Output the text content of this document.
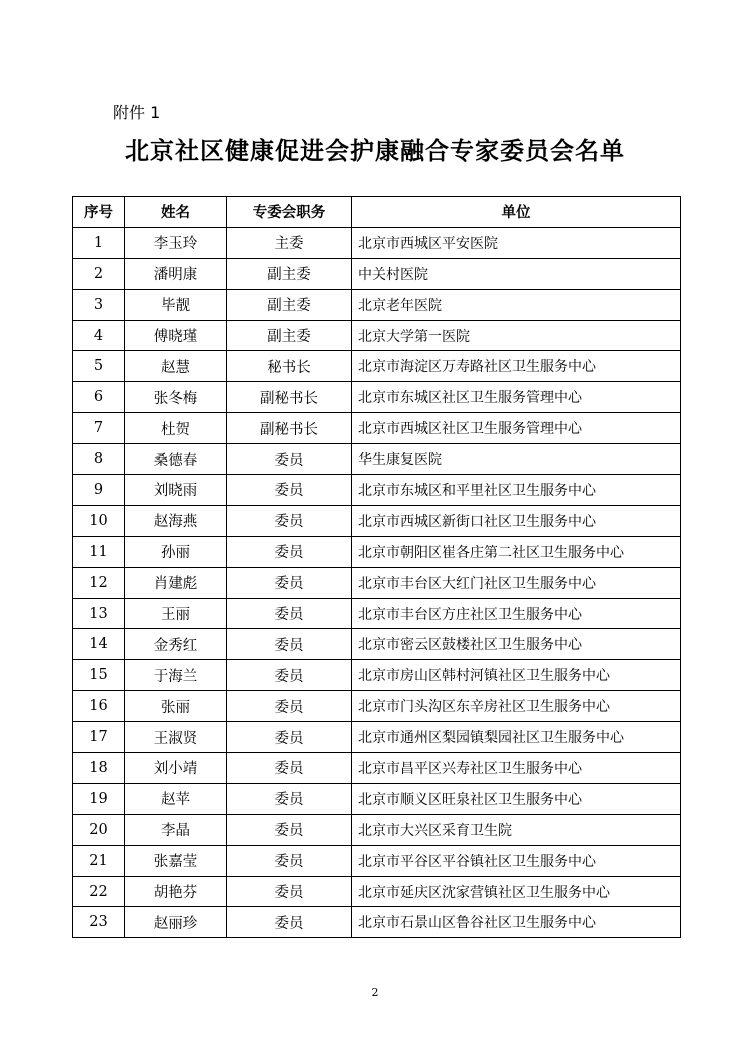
附件 1
北京社区健康促进会护康融合专家委员会名单
序号	姓名	专委会职务	单位
1	李玉玲	主委	北京市西城区平安医院
2	潘明康	副主委	中关村医院
3	毕靓	副主委	北京老年医院
4	傅晓瑾	副主委	北京大学第一医院
5	赵慧	秘书长	北京市海淀区万寿路社区卫生服务中心
6	张冬梅	副秘书长	北京市东城区社区卫生服务管理中心
7	杜贺	副秘书长	北京市西城区社区卫生服务管理中心
8	桑德春	委员	华生康复医院
9	刘晓雨	委员	北京市东城区和平里社区卫生服务中心
10	赵海燕	委员	北京市西城区新街口社区卫生服务中心
11	孙丽	委员	北京市朝阳区崔各庄第二社区卫生服务中心
12	肖建彪	委员	北京市丰台区大红门社区卫生服务中心
13	王丽	委员	北京市丰台区方庄社区卫生服务中心
14	金秀红	委员	北京市密云区鼓楼社区卫生服务中心
15	于海兰	委员	北京市房山区韩村河镇社区卫生服务中心
16	张丽	委员	北京市门头沟区东辛房社区卫生服务中心
17	王淑贤	委员	北京市通州区梨园镇梨园社区卫生服务中心
18	刘小靖	委员	北京市昌平区兴寿社区卫生服务中心
19	赵苹	委员	北京市顺义区旺泉社区卫生服务中心
20	李晶	委员	北京市大兴区采育卫生院
21	张嘉莹	委员	北京市平谷区平谷镇社区卫生服务中心
22	胡艳芬	委员	北京市延庆区沈家营镇社区卫生服务中心
23	赵丽珍	委员	北京市石景山区鲁谷社区卫生服务中心
2
